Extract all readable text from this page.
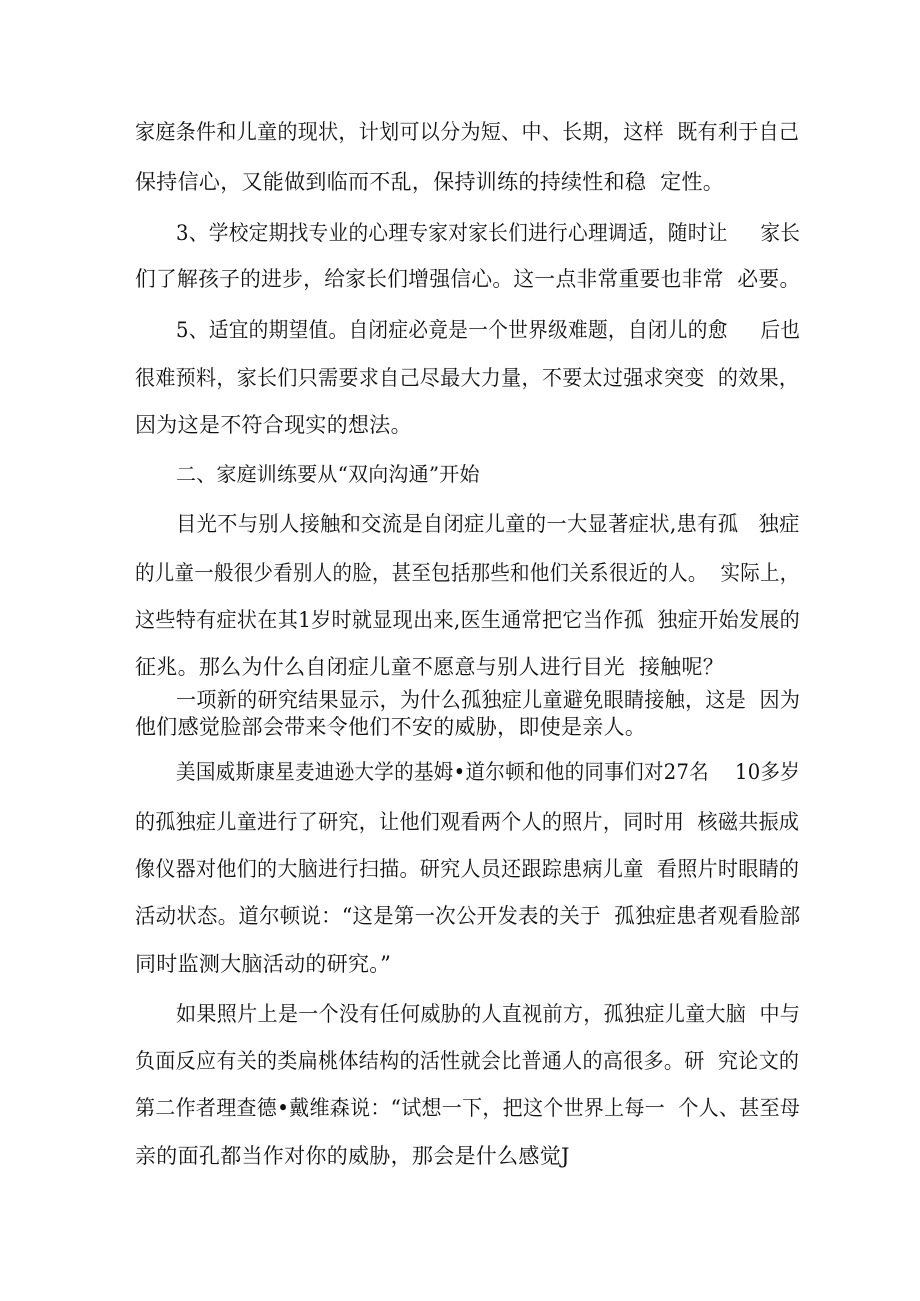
家庭条件和儿童的现状，计划可以分为短、中、长期，这样  既有利于自己
保持信心，又能做到临而不乱，保持训练的持续性和稳  定性。
3、学校定期找专业的心理专家对家长们进行心理调适，随时让     家长
们了解孩子的进步，给家长们增强信心。这一点非常重要也非常  必要。
5、适宜的期望值。自闭症必竟是一个世界级难题，自闭儿的愈     后也
很难预料，家长们只需要求自己尽最大力量，不要太过强求突变  的效果，
因为这是不符合现实的想法。
二、家庭训练要从“双向沟通”开始
目光不与别人接触和交流是自闭症儿童的一大显著症状,患有孤   独症
的儿童一般很少看别人的脸，甚至包括那些和他们关系很近的人。  实际上，
这些特有症状在其1岁时就显现出来,医生通常把它当作孤  独症开始发展的
征兆。那么为什么自闭症儿童不愿意与别人进行目光  接触呢？
一项新的研究结果显示，为什么孤独症儿童避免眼睛接触，这是  因为
他们感觉脸部会带来令他们不安的威胁，即使是亲人。
美国威斯康星麦迪逊大学的基姆•道尔顿和他的同事们对27名    10多岁
的孤独症儿童进行了研究，让他们观看两个人的照片，同时用  核磁共振成
像仪器对他们的大脑进行扫描。研究人员还跟踪患病儿童  看照片时眼睛的
活动状态。道尔顿说：“这是第一次公开发表的关于  孤独症患者观看脸部
同时监测大脑活动的研究。”
如果照片上是一个没有任何威胁的人直视前方，孤独症儿童大脑  中与
负面反应有关的类扁桃体结构的活性就会比普通人的高很多。研  究论文的
第二作者理查德•戴维森说：“试想一下，把这个世界上每一  个人、甚至母
亲的面孔都当作对你的威胁，那会是什么感觉J
